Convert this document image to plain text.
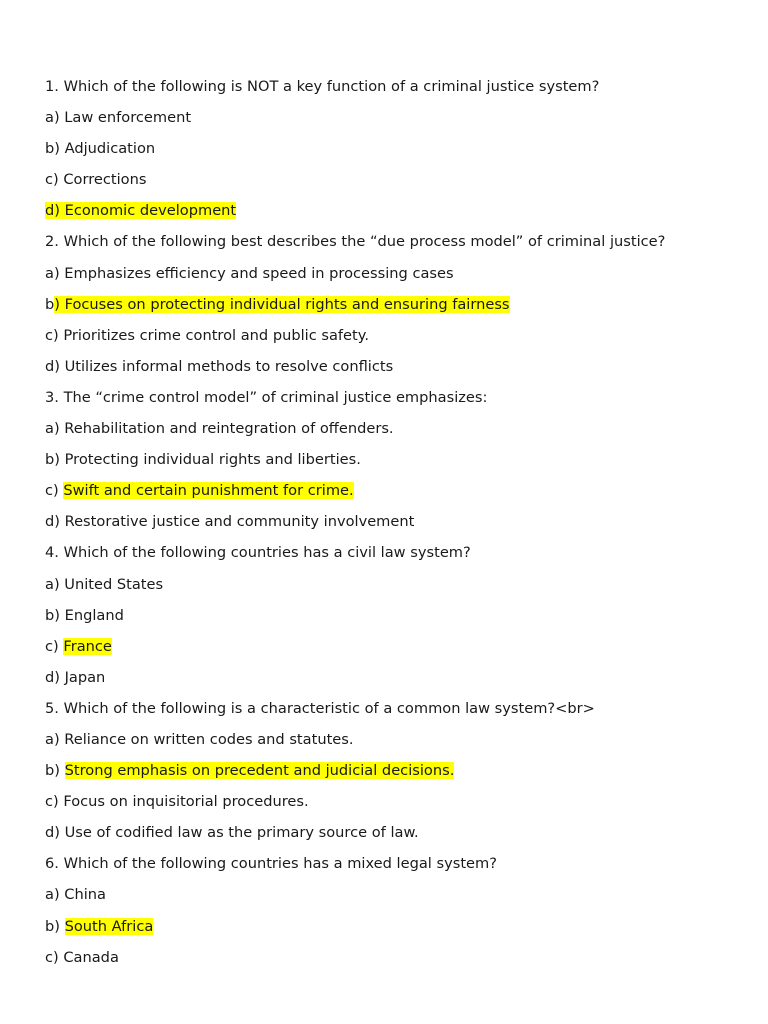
1. Which of the following is NOT a key function of a criminal justice system?
a) Law enforcement
b) Adjudication
c) Corrections
d) Economic development
2. Which of the following best describes the “due process model” of criminal justice?
a) Emphasizes efficiency and speed in processing cases
b) Focuses on protecting individual rights and ensuring fairness
c) Prioritizes crime control and public safety.
d) Utilizes informal methods to resolve conflicts
3. The “crime control model” of criminal justice emphasizes:
a) Rehabilitation and reintegration of offenders.
b) Protecting individual rights and liberties.
c) Swift and certain punishment for crime.
d) Restorative justice and community involvement
4. Which of the following countries has a civil law system?
a) United States
b) England
c) France
d) Japan
5. Which of the following is a characteristic of a common law system?<br>
a) Reliance on written codes and statutes.
b) Strong emphasis on precedent and judicial decisions.
c) Focus on inquisitorial procedures.
d) Use of codified law as the primary source of law.
6. Which of the following countries has a mixed legal system?
a) China
b) South Africa
c) Canada
